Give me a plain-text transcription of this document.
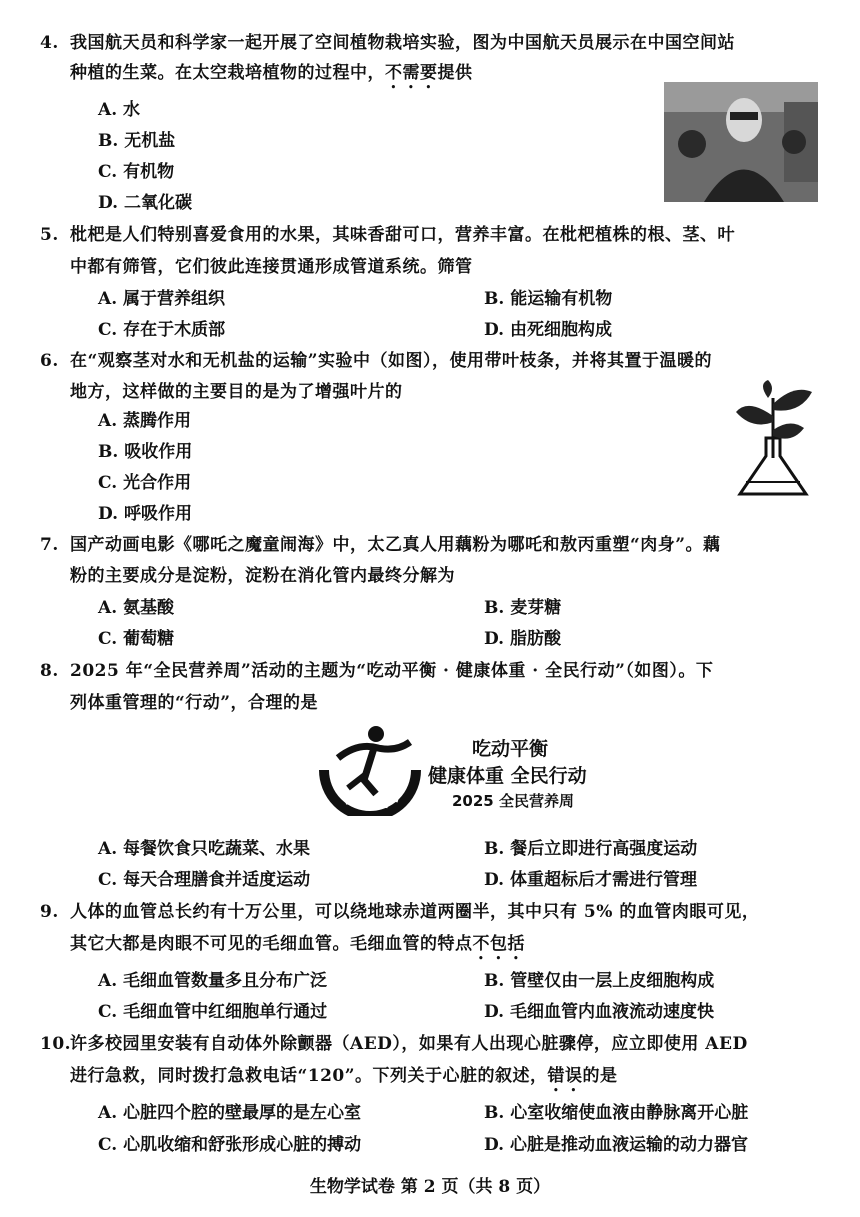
4. 我国航天员和科学家一起开展了空间植物栽培实验，图为中国航天员展示在中国空间站
种植的生菜。在太空栽培植物的过程中，不需要提供
A. 水
B. 无机盐
C. 有机物
D. 二氧化碳
5. 枇杷是人们特别喜爱食用的水果，其味香甜可口，营养丰富。在枇杷植株的根、茎、叶
中都有筛管，它们彼此连接贯通形成管道系统。筛管
A. 属于营养组织	B. 能运输有机物
C. 存在于木质部	D. 由死细胞构成
6. 在“观察茎对水和无机盐的运输”实验中（如图），使用带叶枝条，并将其置于温暖的
地方，这样做的主要目的是为了增强叶片的
A. 蒸腾作用
B. 吸收作用
C. 光合作用
D. 呼吸作用
7. 国产动画电影《哪吒之魔童闹海》中，太乙真人用藕粉为哪吒和敖丙重塑“肉身”。藕
粉的主要成分是淀粉，淀粉在消化管内最终分解为
A. 氨基酸	B. 麦芽糖
C. 葡萄糖	D. 脂肪酸
8. 2025 年“全民营养周”活动的主题为“吃动平衡 · 健康体重 · 全民行动”（如图）。下
列体重管理的“行动”，合理的是
吃动平衡
健康体重 全民行动
2025 全民营养周
A. 每餐饮食只吃蔬菜、水果	B. 餐后立即进行高强度运动
C. 每天合理膳食并适度运动	D. 体重超标后才需进行管理
9. 人体的血管总长约有十万公里，可以绕地球赤道两圈半，其中只有 5% 的血管肉眼可见，
其它大都是肉眼不可见的毛细血管。毛细血管的特点不包括
A. 毛细血管数量多且分布广泛	B. 管壁仅由一层上皮细胞构成
C. 毛细血管中红细胞单行通过	D. 毛细血管内血液流动速度快
10.许多校园里安装有自动体外除颤器（AED），如果有人出现心脏骤停，应立即使用 AED
进行急救，同时拨打急救电话“120”。下列关于心脏的叙述，错误的是
A. 心脏四个腔的壁最厚的是左心室	B. 心室收缩使血液由静脉离开心脏
C. 心肌收缩和舒张形成心脏的搏动	D. 心脏是推动血液运输的动力器官
生物学试卷 第 2 页（共 8 页）
